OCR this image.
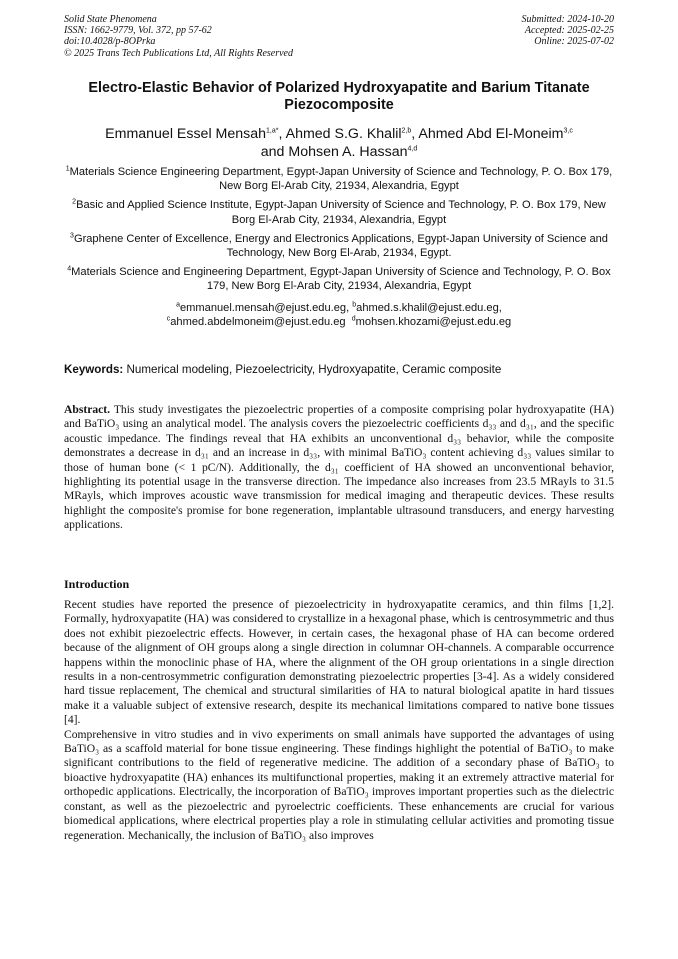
Solid State Phenomena
ISSN: 1662-9779, Vol. 372, pp 57-62
doi:10.4028/p-8OPrka
© 2025 Trans Tech Publications Ltd, All Rights Reserved
Submitted: 2024-10-20
Accepted: 2025-02-25
Online: 2025-07-02
Electro-Elastic Behavior of Polarized Hydroxyapatite and Barium Titanate Piezocomposite
Emmanuel Essel Mensah$^{1,a*}$, Ahmed S.G. Khalil$^{2,b}$, Ahmed Abd El-Moneim$^{3,c}$
and Mohsen A. Hassan$^{4,d}$
$^1$Materials Science Engineering Department, Egypt-Japan University of Science and Technology, P. O. Box 179, New Borg El-Arab City, 21934, Alexandria, Egypt
$^2$Basic and Applied Science Institute, Egypt-Japan University of Science and Technology, P. O. Box 179, New Borg El-Arab City, 21934, Alexandria, Egypt
$^3$Graphene Center of Excellence, Energy and Electronics Applications, Egypt-Japan University of Science and Technology, New Borg El-Arab, 21934, Egypt.
$^4$Materials Science and Engineering Department, Egypt-Japan University of Science and Technology, P. O. Box 179, New Borg El-Arab City, 21934, Alexandria, Egypt
$^a$emmanuel.mensah@ejust.edu.eg, $^b$ahmed.s.khalil@ejust.edu.eg,
$^c$ahmed.abdelmoneim@ejust.edu.eg $^d$mohsen.khozami@ejust.edu.eg
Keywords: Numerical modeling, Piezoelectricity, Hydroxyapatite, Ceramic composite
Abstract. This study investigates the piezoelectric properties of a composite comprising polar hydroxyapatite (HA) and BaTiO₃ using an analytical model. The analysis covers the piezoelectric coefficients d₃₃ and d₃₁, and the specific acoustic impedance. The findings reveal that HA exhibits an unconventional d₃₃ behavior, while the composite demonstrates a decrease in d₃₁ and an increase in d₃₃, with minimal BaTiO₃ content achieving d₃₃ values similar to those of human bone (< 1 pC/N). Additionally, the d₃₁ coefficient of HA showed an unconventional behavior, highlighting its potential usage in the transverse direction. The impedance also increases from 23.5 MRayls to 31.5 MRayls, which improves acoustic wave transmission for medical imaging and therapeutic devices. These results highlight the composite's promise for bone regeneration, implantable ultrasound transducers, and energy harvesting applications.
Introduction

Recent studies have reported the presence of piezoelectricity in hydroxyapatite ceramics, and thin films [1,2]. Formally, hydroxyapatite (HA) was considered to crystallize in a hexagonal phase, which is centrosymmetric and thus does not exhibit piezoelectric effects. However, in certain cases, the hexagonal phase of HA can become ordered because of the alignment of OH groups along a single direction in columnar OH-channels. A comparable occurrence happens within the monoclinic phase of HA, where the alignment of the OH group orientations in a single direction results in a non-centrosymmetric configuration demonstrating piezoelectric properties [3-4]. As a widely considered hard tissue replacement, The chemical and structural similarities of HA to natural biological apatite in hard tissues make it a valuable subject of extensive research, despite its mechanical limitations compared to native bone tissues [4].

Comprehensive in vitro studies and in vivo experiments on small animals have supported the advantages of using BaTiO₃ as a scaffold material for bone tissue engineering. These findings highlight the potential of BaTiO₃ to make significant contributions to the field of regenerative medicine. The addition of a secondary phase of BaTiO₃ to bioactive hydroxyapatite (HA) enhances its multifunctional properties, making it an extremely attractive material for orthopedic applications. Electrically, the incorporation of BaTiO₃ improves important properties such as the dielectric constant, as well as the piezoelectric and pyroelectric coefficients. These enhancements are crucial for various biomedical applications, where electrical properties play a role in stimulating cellular activities and promoting tissue regeneration. Mechanically, the inclusion of BaTiO₃ also improves
